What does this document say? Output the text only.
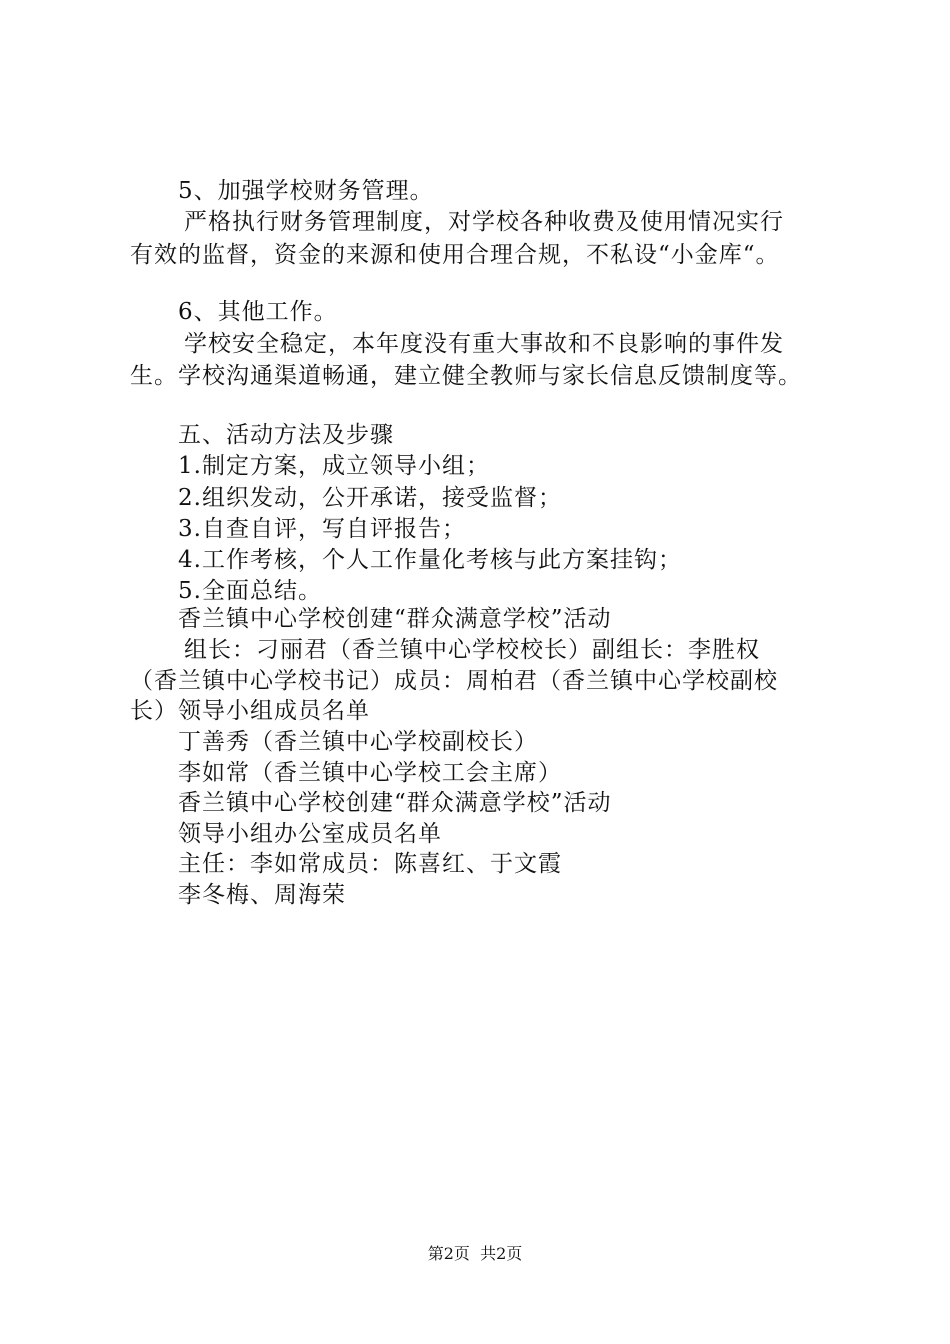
5、加强学校财务管理。
严格执行财务管理制度，对学校各种收费及使用情况实行
有效的监督，资金的来源和使用合理合规，不私设“小金库“。
6、其他工作。
学校安全稳定，本年度没有重大事故和不良影响的事件发
生。学校沟通渠道畅通，建立健全教师与家长信息反馈制度等。
五、活动方法及步骤
1.制定方案，成立领导小组；
2.组织发动，公开承诺，接受监督；
3.自查自评，写自评报告；
4.工作考核，个人工作量化考核与此方案挂钩；
5.全面总结。
香兰镇中心学校创建“群众满意学校”活动
组长：刁丽君（香兰镇中心学校校长）副组长：李胜权
（香兰镇中心学校书记）成员：周柏君（香兰镇中心学校副校
长）领导小组成员名单
丁善秀（香兰镇中心学校副校长）
李如常（香兰镇中心学校工会主席）
香兰镇中心学校创建“群众满意学校”活动
领导小组办公室成员名单
主任：李如常成员：陈喜红、于文霞
李冬梅、周海荣
第2页  共2页
